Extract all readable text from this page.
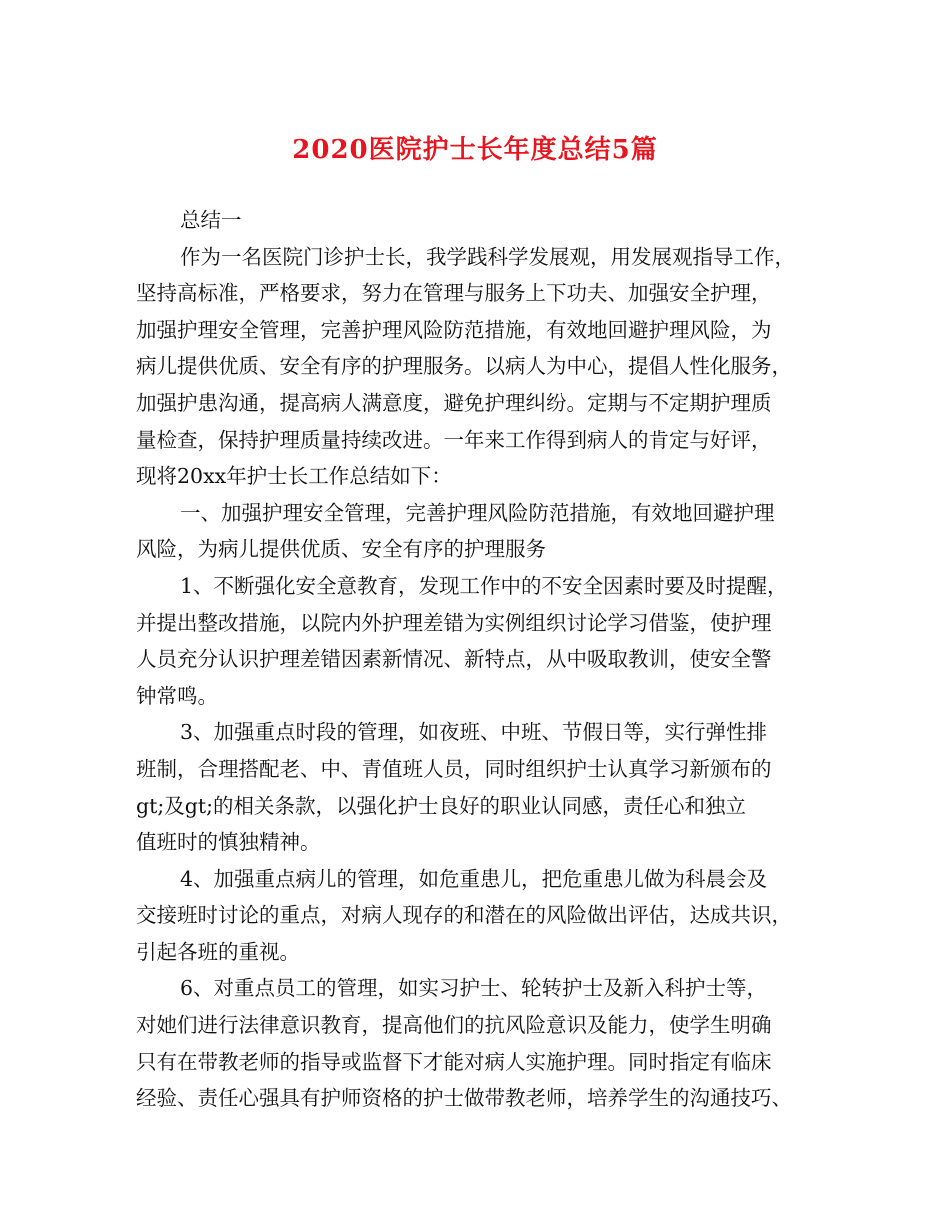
2020医院护士长年度总结5篇
总结一
作为一名医院门诊护士长，我学践科学发展观，用发展观指导工作，
坚持高标准，严格要求，努力在管理与服务上下功夫、加强安全护理，
加强护理安全管理，完善护理风险防范措施，有效地回避护理风险，为
病儿提供优质、安全有序的护理服务。以病人为中心，提倡人性化服务，
加强护患沟通，提高病人满意度，避免护理纠纷。定期与不定期护理质
量检查，保持护理质量持续改进。一年来工作得到病人的肯定与好评，
现将20xx年护士长工作总结如下：
一、加强护理安全管理，完善护理风险防范措施，有效地回避护理
风险，为病儿提供优质、安全有序的护理服务
1、不断强化安全意教育，发现工作中的不安全因素时要及时提醒，
并提出整改措施，以院内外护理差错为实例组织讨论学习借鉴，使护理
人员充分认识护理差错因素新情况、新特点，从中吸取教训，使安全警
钟常鸣。
3、加强重点时段的管理，如夜班、中班、节假日等，实行弹性排
班制，合理搭配老、中、青值班人员，同时组织护士认真学习新颁布的
gt;及gt;的相关条款，以强化护士良好的职业认同感，责任心和独立
值班时的慎独精神。
4、加强重点病儿的管理，如危重患儿，把危重患儿做为科晨会及
交接班时讨论的重点，对病人现存的和潜在的风险做出评估，达成共识，
引起各班的重视。
6、对重点员工的管理，如实习护士、轮转护士及新入科护士等，
对她们进行法律意识教育，提高他们的抗风险意识及能力，使学生明确
只有在带教老师的指导或监督下才能对病人实施护理。同时指定有临床
经验、责任心强具有护师资格的护士做带教老师，培养学生的沟通技巧、
